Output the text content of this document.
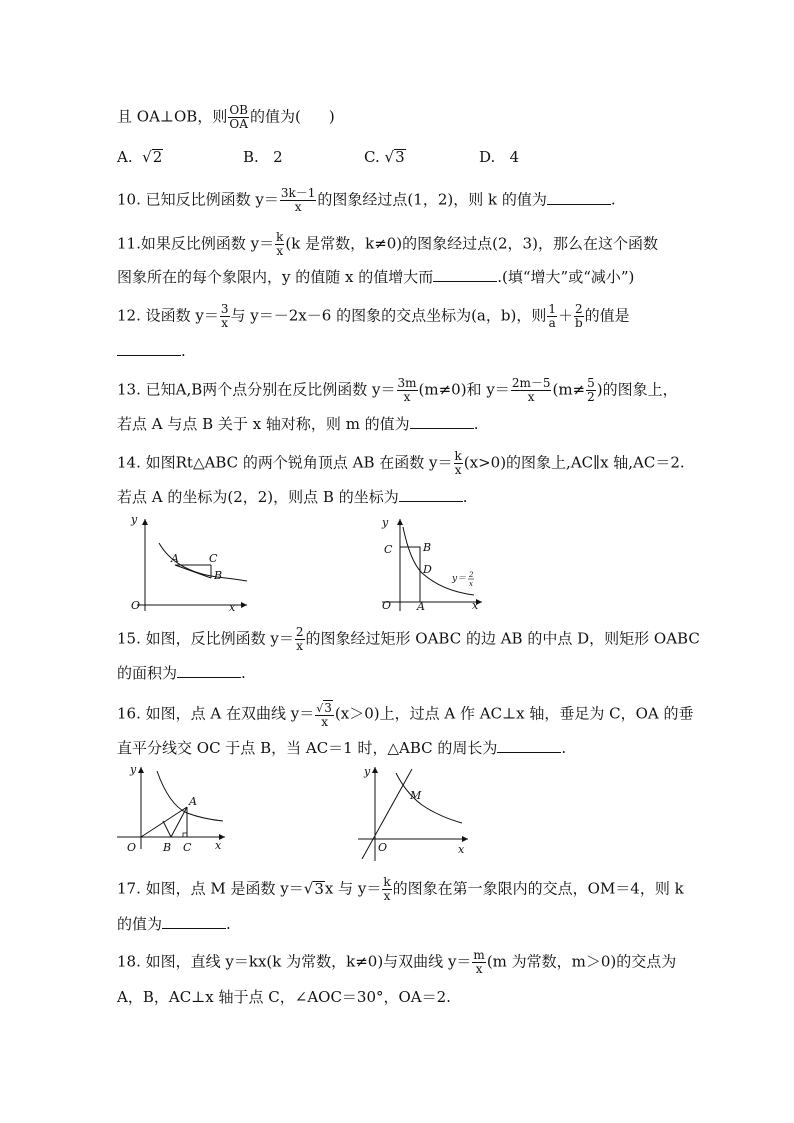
且 OA⊥OB，则 $\frac{OB}{OA}$ 的值为( )
A. √2	B. 2	C. √3	D. 4
10. 已知反比例函数 $y= \frac{3k-1}{x}$ 的图象经过点(1，2)，则 k 的值为	.
11.如果反比例函数 $y= \frac{k}{x} (k$ 是常数，k≠0)的图象经过点(2，3)，那么在这个函数
图象所在的每个象限内，y 的值随 x 的值增大而	.(填“增大”或“减小”)
12. 设函数 $y= \frac{3}{x}$ 与 y＝－2x－6 的图象的交点坐标为(a，b)，则 $\frac{1}{a} + \frac{2}{b}$ 的值是
.
13. 已知A,B两个点分别在反比例函数 $y= \frac{3m}{x} (m\ne 0)$和 $y= \frac{2m-5}{x} (m\ne \frac{5}{2}$ )的图象上，
若点 A 与点 B 关于 x 轴对称，则 m 的值为	.
14. 如图Rt△ABC 的两个锐角顶点 AB 在函数 $y= \frac{k}{x} (x>0)$的图象上,AC∥x 轴,AC＝2.
若点 A 的坐标为(2，2)，则点 B 的坐标为	.
y
x
O
A	C
B
y
x
O
C	B
D
A
y＝ 2
x
15. 如图，反比例函数 $y= \frac{2}{x}$ 的图象经过矩形 OABC 的边 AB 的中点 D，则矩形 OABC
的面积为	.
16. 如图，点 A 在双曲线 $y= \frac{√3}{x} (x>0)$上，过点 A 作 AC⊥x 轴，垂足为 C，OA 的垂
直平分线交 OC 于点 B，当 AC＝1 时，△ABC 的周长为	.
y
x
O
A
B C
y
x
O
M
17. 如图，点 M 是函数 y＝√3x 与 $y= \frac{k}{x}$ 的图象在第一象限内的交点，OM＝4，则 k
的值为	.
18. 如图，直线 y＝kx(k 为常数，k≠0)与双曲线 $y= \frac{m}{x} (m$ 为常数，m＞0)的交点为
A，B，AC⊥x 轴于点 C，∠AOC＝30°，OA＝2.
